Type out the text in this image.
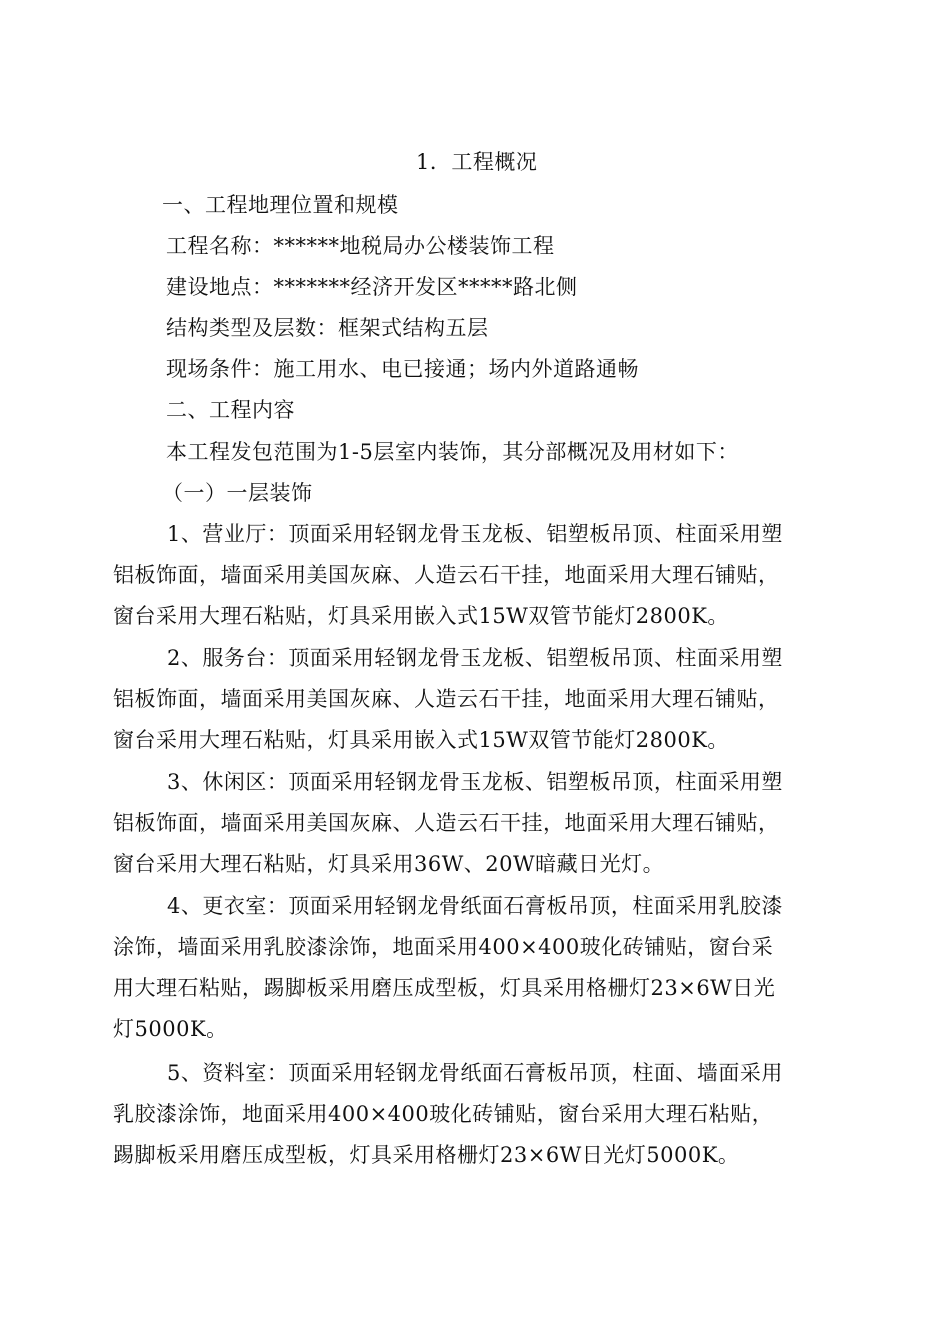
1．工程概况
一、工程地理位置和规模
工程名称：******地税局办公楼装饰工程
建设地点：*******经济开发区*****路北侧
结构类型及层数：框架式结构五层
现场条件：施工用水、电已接通；场内外道路通畅
二、工程内容
本工程发包范围为1-5层室内装饰，其分部概况及用材如下：
（一）一层装饰
1、营业厅：顶面采用轻钢龙骨玉龙板、铝塑板吊顶、柱面采用塑
铝板饰面，墙面采用美国灰麻、人造云石干挂，地面采用大理石铺贴，
窗台采用大理石粘贴，灯具采用嵌入式15W双管节能灯2800K。
2、服务台：顶面采用轻钢龙骨玉龙板、铝塑板吊顶、柱面采用塑
铝板饰面，墙面采用美国灰麻、人造云石干挂，地面采用大理石铺贴，
窗台采用大理石粘贴，灯具采用嵌入式15W双管节能灯2800K。
3、休闲区：顶面采用轻钢龙骨玉龙板、铝塑板吊顶，柱面采用塑
铝板饰面，墙面采用美国灰麻、人造云石干挂，地面采用大理石铺贴，
窗台采用大理石粘贴，灯具采用36W、20W暗藏日光灯。
4、更衣室：顶面采用轻钢龙骨纸面石膏板吊顶，柱面采用乳胶漆
涂饰，墙面采用乳胶漆涂饰，地面采用400×400玻化砖铺贴，窗台采
用大理石粘贴，踢脚板采用磨压成型板，灯具采用格栅灯23×6W日光
灯5000K。
5、资料室：顶面采用轻钢龙骨纸面石膏板吊顶，柱面、墙面采用
乳胶漆涂饰，地面采用400×400玻化砖铺贴，窗台采用大理石粘贴，
踢脚板采用磨压成型板，灯具采用格栅灯23×6W日光灯5000K。
